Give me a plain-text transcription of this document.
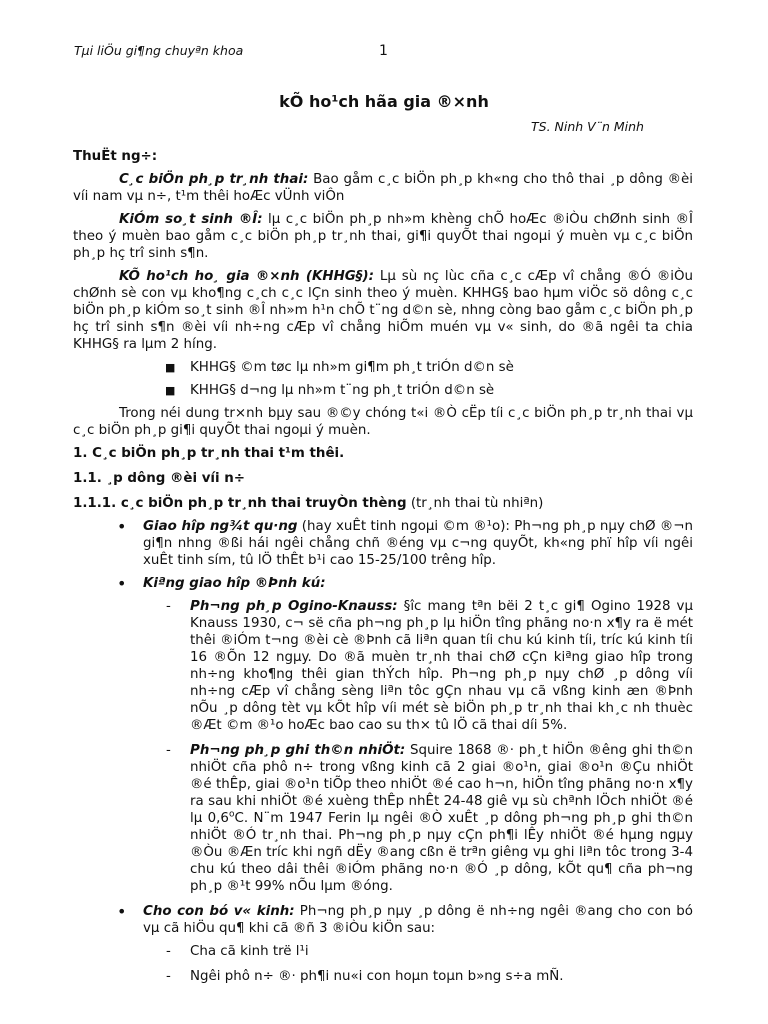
Tµi liÖu gi¶ng chuyªn khoa	1
kÕ ho¹ch hãa gia ®×nh
TS. Ninh V¨n Minh

ThuËt ng÷:

C¸c biÖn ph¸p tr¸nh thai: Bao gåm c¸c biÖn ph¸p kh«ng cho thô thai ¸p dông ®èi víi nam vµ n÷, t¹m thêi hoÆc vÜnh viÔn

KiÓm so¸t sinh ®Î: lµ c¸c biÖn ph¸p nh»m khèng chÕ hoÆc ®iÒu chØnh sinh ®Î theo ý muèn bao gåm c¸c biÖn ph¸p tr¸nh thai, gi¶i quyÕt thai ngoµi ý muèn vµ c¸c biÖn ph¸p hç trî sinh s¶n.

KÕ ho¹ch ho¸ gia ®×nh (KHHG§): Lµ sù nç lùc cña c¸c cÆp vî chång ®Ó ®iÒu chØnh sè con vµ kho¶ng c¸ch c¸c lÇn sinh theo ý muèn. KHHG§ bao hµm viÖc sö dông c¸c biÖn ph¸p kiÓm so¸t sinh ®Î nh»m h¹n chÕ t¨ng d©n sè, nhng còng bao gåm c¸c biÖn ph¸p hç trî sinh s¶n ®èi víi nh÷ng cÆp vî chång hiÕm muén vµ v« sinh, do ®ã ngêi ta chia KHHG§ ra lµm 2 híng.

■ KHHG§ ©m tøc lµ nh»m gi¶m ph¸t triÓn d©n sè
■ KHHG§ d¬ng lµ nh»m t¨ng ph¸t triÓn d©n sè

Trong néi dung tr×nh bµy sau ®©y chóng t«i ®Ò cËp tíi c¸c biÖn ph¸p tr¸nh thai vµ c¸c biÖn ph¸p gi¶i quyÕt thai ngoµi ý muèn.

1. C¸c biÖn ph¸p tr¸nh thai t¹m thêi.

1.1. ¸p dông ®èi víi n÷

1.1.1. c¸c biÖn ph¸p tr¸nh thai truyÒn thèng (tr¸nh thai tù nhiªn)

• Giao hîp ng¾t qu·ng (hay xuÊt tinh ngoµi ©m ®¹o): Ph¬ng ph¸p nµy chØ ®¬n gi¶n nhng ®ßi hái ngêi chång chñ ®éng vµ c¬ng quyÕt, kh«ng phï hîp víi ngêi xuÊt tinh sím, tû lÖ thÊt b¹i cao 15-25/100 trêng hîp.
• Kiªng giao hîp ®Þnh kú:
- Ph¬ng ph¸p Ogino-Knauss: §îc mang tªn bëi 2 t¸c gi¶ Ogino 1928 vµ Knauss 1930, c¬ së cña ph¬ng ph¸p lµ hiÖn tîng phãng no·n x¶y ra ë mét thêi ®iÓm t¬ng ®èi cè ®Þnh cã liªn quan tíi chu kú kinh tíi, tríc kú kinh tíi 16 ®Õn 12 ngµy. Do ®ã muèn tr¸nh thai chØ cÇn kiªng giao hîp trong nh÷ng kho¶ng thêi gian thÝch hîp. Ph¬ng ph¸p nµy chØ ¸p dông víi nh÷ng cÆp vî chång sèng liªn tôc gÇn nhau vµ cã vßng kinh æn ®Þnh nÕu ¸p dông tèt vµ kÕt hîp víi mét sè biÖn ph¸p tr¸nh thai kh¸c nh thuèc ®Æt ©m ®¹o hoÆc bao cao su th× tû lÖ cã thai díi 5%.
- Ph¬ng ph¸p ghi th©n nhiÖt: Squire 1868 ®· ph¸t hiÖn ®êng ghi th©n nhiÖt cña phô n÷ trong vßng kinh cã 2 giai ®o¹n, giai ®o¹n ®Çu nhiÖt ®é thÊp, giai ®o¹n tiÕp theo nhiÖt ®é cao h¬n, hiÖn tîng phãng no·n x¶y ra sau khi nhiÖt ®é xuèng thÊp nhÊt 24-48 giê vµ sù chªnh lÖch nhiÖt ®é lµ 0,6$^o$C. N¨m 1947 Ferin lµ ngêi ®Ò xuÊt ¸p dông ph¬ng ph¸p ghi th©n nhiÖt ®Ó tr¸nh thai. Ph¬ng ph¸p nµy cÇn ph¶i lÊy nhiÖt ®é hµng ngµy ®Òu ®Æn tríc khi ngñ dËy ®ang cßn ë trªn giêng vµ ghi liªn tôc trong 3-4 chu kú theo dâi thêi ®iÓm phãng no·n ®Ó ¸p dông, kÕt qu¶ cña ph¬ng ph¸p ®¹t 99% nÕu lµm ®óng.
• Cho con bó v« kinh: Ph¬ng ph¸p nµy ¸p dông ë nh÷ng ngêi ®ang cho con bó vµ cã hiÖu qu¶ khi cã ®ñ 3 ®iÒu kiÖn sau:
- Cha cã kinh trë l¹i
- Ngêi phô n÷ ®· ph¶i nu«i con hoµn toµn b»ng s÷a mÑ.
